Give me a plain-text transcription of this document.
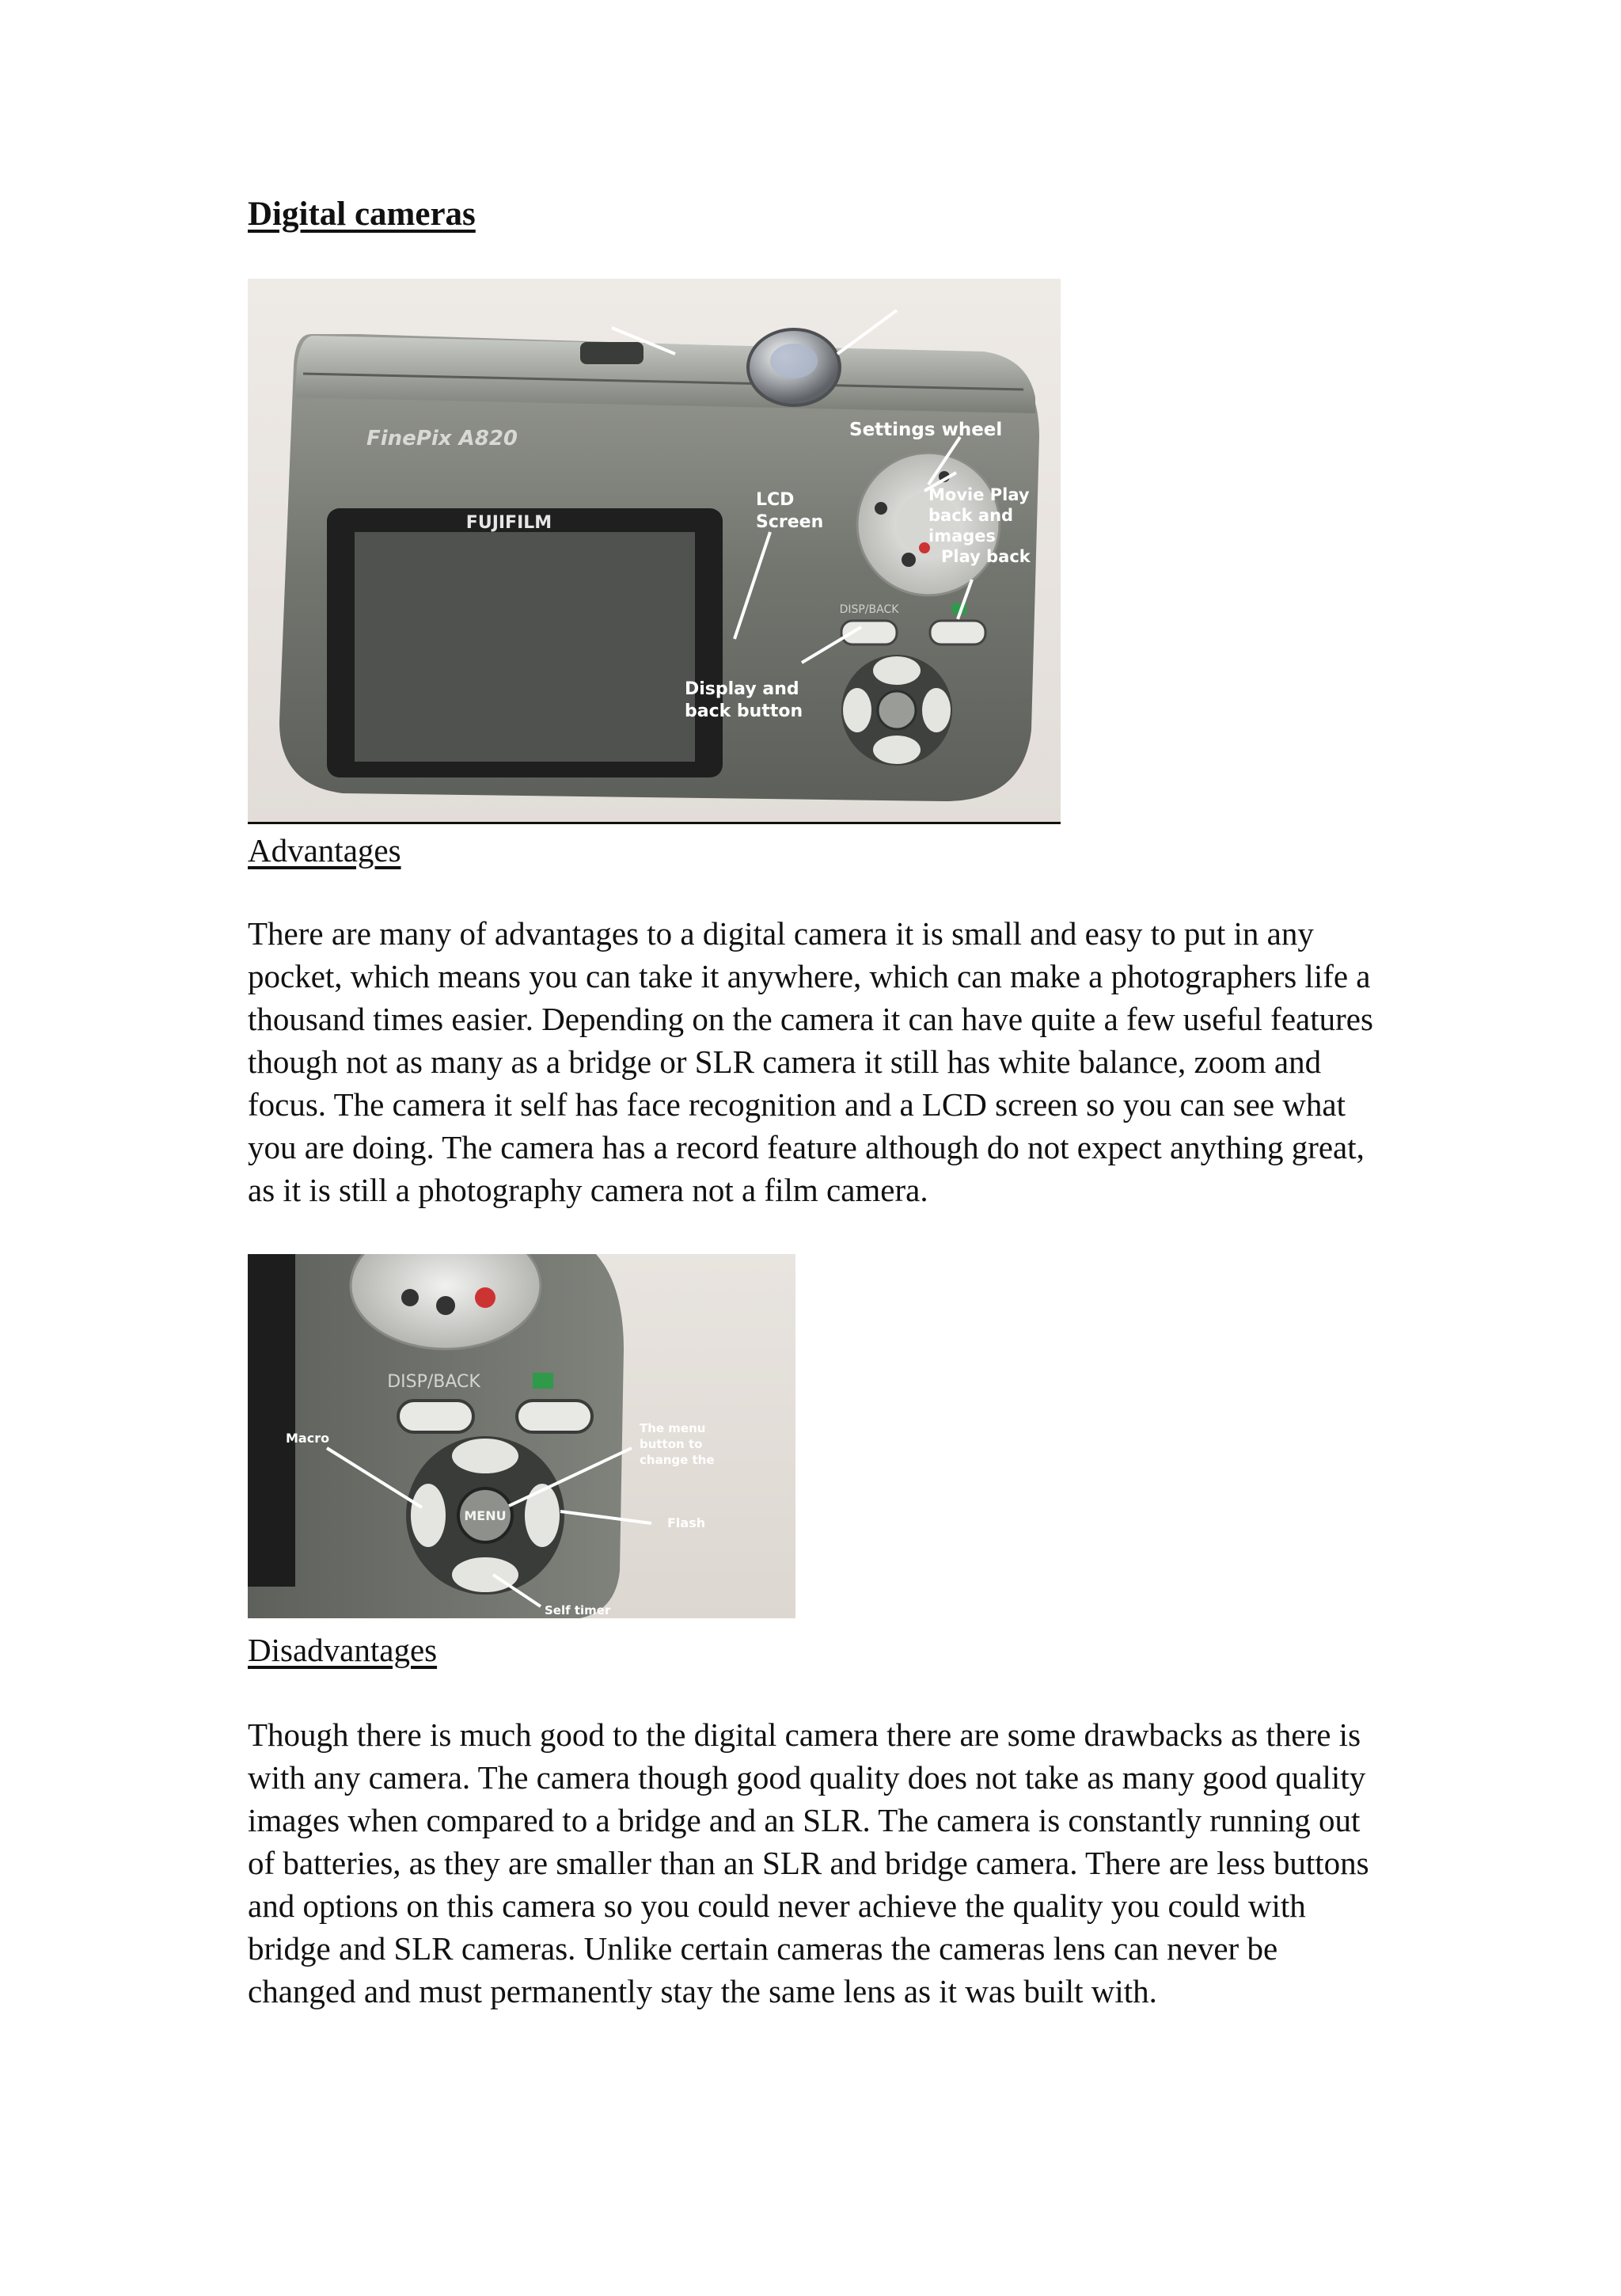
Digital cameras
FinePix A820
FUJIFILM
DISP/BACK
Settings wheel
LCD
Screen
Display and
back button
Movie Play
back and
images
Play back
Advantages

There are many of advantages to a digital camera it is small and easy to put in any pocket, which means you can take it anywhere, which can make a photographers life a thousand times easier. Depending on the camera it can have quite a few useful features though not as many as a bridge or SLR camera it still has white balance, zoom and focus. The camera it self has face recognition and a LCD screen so you can see what you are doing. The camera has a record feature although do not expect anything great, as it is still a photography camera not a film camera.

DISP/BACK
MENU
Macro
The menu
button to
change the
Flash
Self timer
Disadvantages

Though there is much good to the digital camera there are some drawbacks as there is with any camera. The camera though good quality does not take as many good quality images when compared to a bridge and an SLR. The camera is constantly running out of batteries, as they are smaller than an SLR and bridge camera. There are less buttons and options on this camera so you could never achieve the quality you could with bridge and SLR cameras. Unlike certain cameras the cameras lens can never be changed and must permanently stay the same lens as it was built with.
